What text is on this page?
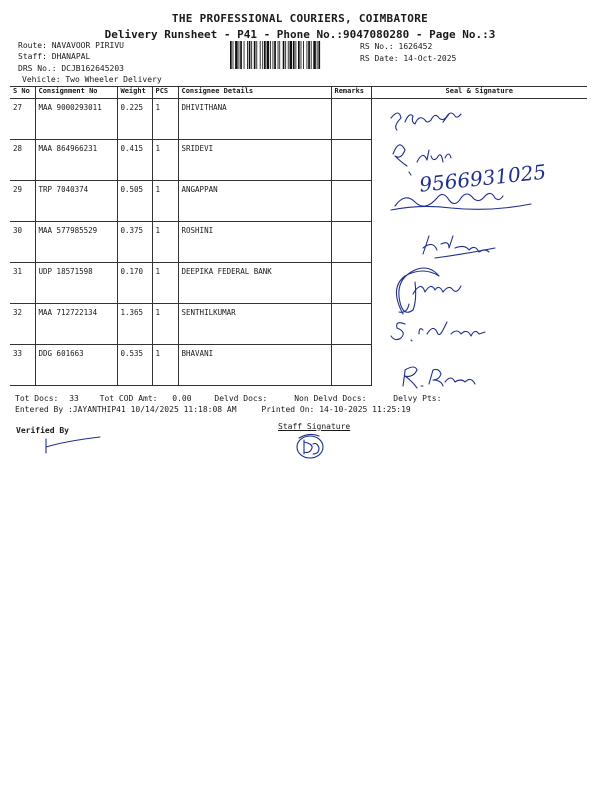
THE PROFESSIONAL COURIERS, COIMBATORE
Delivery Runsheet - P41 - Phone No.:9047080280 - Page No.:3
Route: NAVAVOOR PIRIVU
Staff: DHANAPAL
DRS No.: DCJB162645203
Vehicle: Two Wheeler Delivery
RS No.: 1626452
RS Date: 14-Oct-2025
S No	Consignment No	Weight	PCS	Consignee Details	Remarks	Seal & Signature
27	MAA 9000293011	0.225	1	DHIVITHANA		
28	MAA 864966231	0.415	1	SRIDEVI		
29	TRP 7040374	0.505	1	ANGAPPAN		
30	MAA 577985529	0.375	1	ROSHINI		
31	UDP 18571598	0.170	1	DEEPIKA FEDERAL BANK		
32	MAA 712722134	1.365	1	SENTHILKUMAR		
33	DDG 601663	0.535	1	BHAVANI		
9566931025
Tot Docs: 33	Tot COD Amt: 0.00	Delvd Docs:	Non Delvd Docs:	Delvy Pts:
Entered By :JAYANTHIP41 10/14/2025 11:18:08 AM	Printed On: 14-10-2025 11:25:19
Verified By	Staff Signature
